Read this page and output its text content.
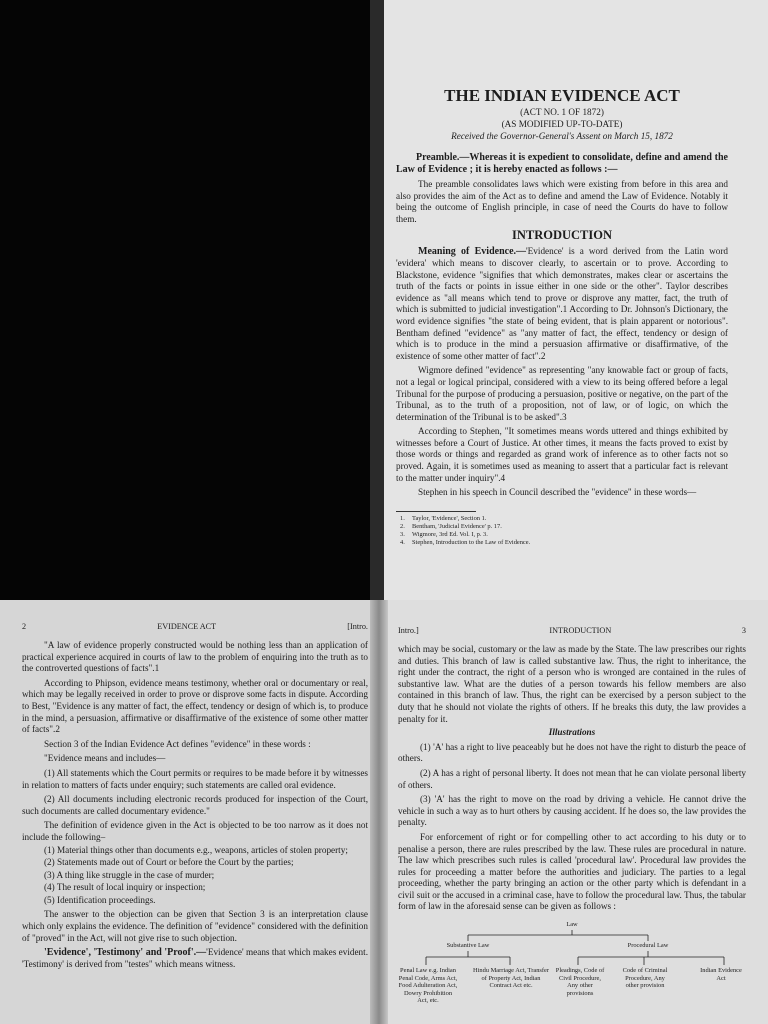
THE INDIAN EVIDENCE ACT
(ACT NO. 1 OF 1872)
(AS MODIFIED UP-TO-DATE)
Received the Governor-General's Assent on March 15, 1872
Preamble.—Whereas it is expedient to consolidate, define and amend the Law of Evidence ; it is hereby enacted as follows :—
The preamble consolidates laws which were existing from before in this area and also provides the aim of the Act as to define and amend the Law of Evidence. Notably it being the outcome of English principle, in case of need the Courts do have to follow them.
INTRODUCTION
Meaning of Evidence.—'Evidence' is a word derived from the Latin word 'evidera' which means to discover clearly, to ascertain or to prove. According to Blackstone, evidence "signifies that which demonstrates, makes clear or ascertains the truth of the facts or points in issue either in one side or the other". Taylor describes evidence as "all means which tend to prove or disprove any matter, fact, the truth of which is submitted to judicial investigation".1 According to Dr. Johnson's Dictionary, the word evidence signifies "the state of being evident, that is plain apparent or notorious". Bentham defined "evidence" as "any matter of fact, the effect, tendency or design of which is to produce in the mind a persuasion affirmative or disaffirmative, of the existence of some other matter of fact".2
Wigmore defined "evidence" as representing "any knowable fact or group of facts, not a legal or logical principal, considered with a view to its being offered before a legal Tribunal for the purpose of producing a persuasion, positive or negative, on the part of the Tribunal, as to the truth of a proposition, not of law, or of logic, on which the determination of the Tribunal is to be asked".3
According to Stephen, "It sometimes means words uttered and things exhibited by witnesses before a Court of Justice. At other times, it means the facts proved to exist by those words or things and regarded as grand work of inference as to other facts not so proved. Again, it is sometimes used as meaning to assert that a particular fact is relevant to the matter under inquiry".4
Stephen in his speech in Council described the "evidence" in these words—
1. Taylor, 'Evidence', Section 1.
2. Bentham, 'Judicial Evidence' p. 17.
3. Wigmore, 3rd Ed. Vol. I, p. 3.
4. Stephen, Introduction to the Law of Evidence.
2	EVIDENCE ACT	[Intro.
"A law of evidence properly constructed would be nothing less than an application of practical experience acquired in courts of law to the problem of enquiring into the truth as to the controverted questions of facts".1
According to Phipson, evidence means testimony, whether oral or documentary or real, which may be legally received in order to prove or disprove some facts in dispute. According to Best, "Evidence is any matter of fact, the effect, tendency or design of which is, to produce in the mind, a persuasion, affirmative or disaffirmative of the existence of some other matter of facts".2
Section 3 of the Indian Evidence Act defines "evidence" in these words :
"Evidence means and includes—
(1) All statements which the Court permits or requires to be made before it by witnesses in relation to matters of facts under enquiry; such statements are called oral evidence.
(2) All documents including electronic records produced for inspection of the Court, such documents are called documentary evidence."
The definition of evidence given in the Act is objected to be too narrow as it does not include the following–
(1) Material things other than documents e.g., weapons, articles of stolen property;
(2) Statements made out of Court or before the Court by the parties;
(3) A thing like struggle in the case of murder;
(4) The result of local inquiry or inspection;
(5) Identification proceedings.
The answer to the objection can be given that Section 3 is an interpretation clause which only explains the evidence. The definition of "evidence" considered with the definition of "proved" in the Act, will not give rise to such objection.
'Evidence', 'Testimony' and 'Proof'.—'Evidence' means that which makes evident. 'Testimony' is derived from "testes" which means witness.
Intro.]	INTRODUCTION	3
which may be social, customary or the law as made by the State. The law prescribes our rights and duties. This branch of law is called substantive law. Thus, the right to inheritance, the right under the contract, the right of a person who is wronged are contained in the rules of substantive law. What are the duties of a person towards his fellow members are also contained in this branch of law. Thus, the right can be exercised by a person subject to the duty that he should not violate the rights of others. If he breaks this duty, the law provides a penalty for it.
Illustrations
(1) 'A' has a right to live peaceably but he does not have the right to disturb the peace of others.
(2) A has a right of personal liberty. It does not mean that he can violate personal liberty of others.
(3) 'A' has the right to move on the road by driving a vehicle. He cannot drive the vehicle in such a way as to hurt others by causing accident. If he does so, the law provides the penalty.
For enforcement of right or for compelling other to act according to his duty or to penalise a person, there are rules prescribed by the law. These rules are procedural in nature. The law which prescribes such rules is called 'procedural law'. Procedural law provides the rules for proceeding a matter before the authorities and judiciary. The parties to a legal proceeding, whether the party bringing an action or the other party which is defendant in a civil suit or the accused in a criminal case, have to follow the procedural law. Thus, the tabular form of law in the aforesaid sense can be given as follows :
Law
Substantive Law	Procedural Law
Penal Law e.g. Indian Penal Code, Arms Act, Food Adulteration Act, Dowry Prohibition Act, etc.
Hindu Marriage Act, Transfer of Property Act, Indian Contract Act etc.
Pleadings, Code of Civil Procedure, Any other provisions
Code of Criminal Procedure, Any other provision
Indian Evidence Act
